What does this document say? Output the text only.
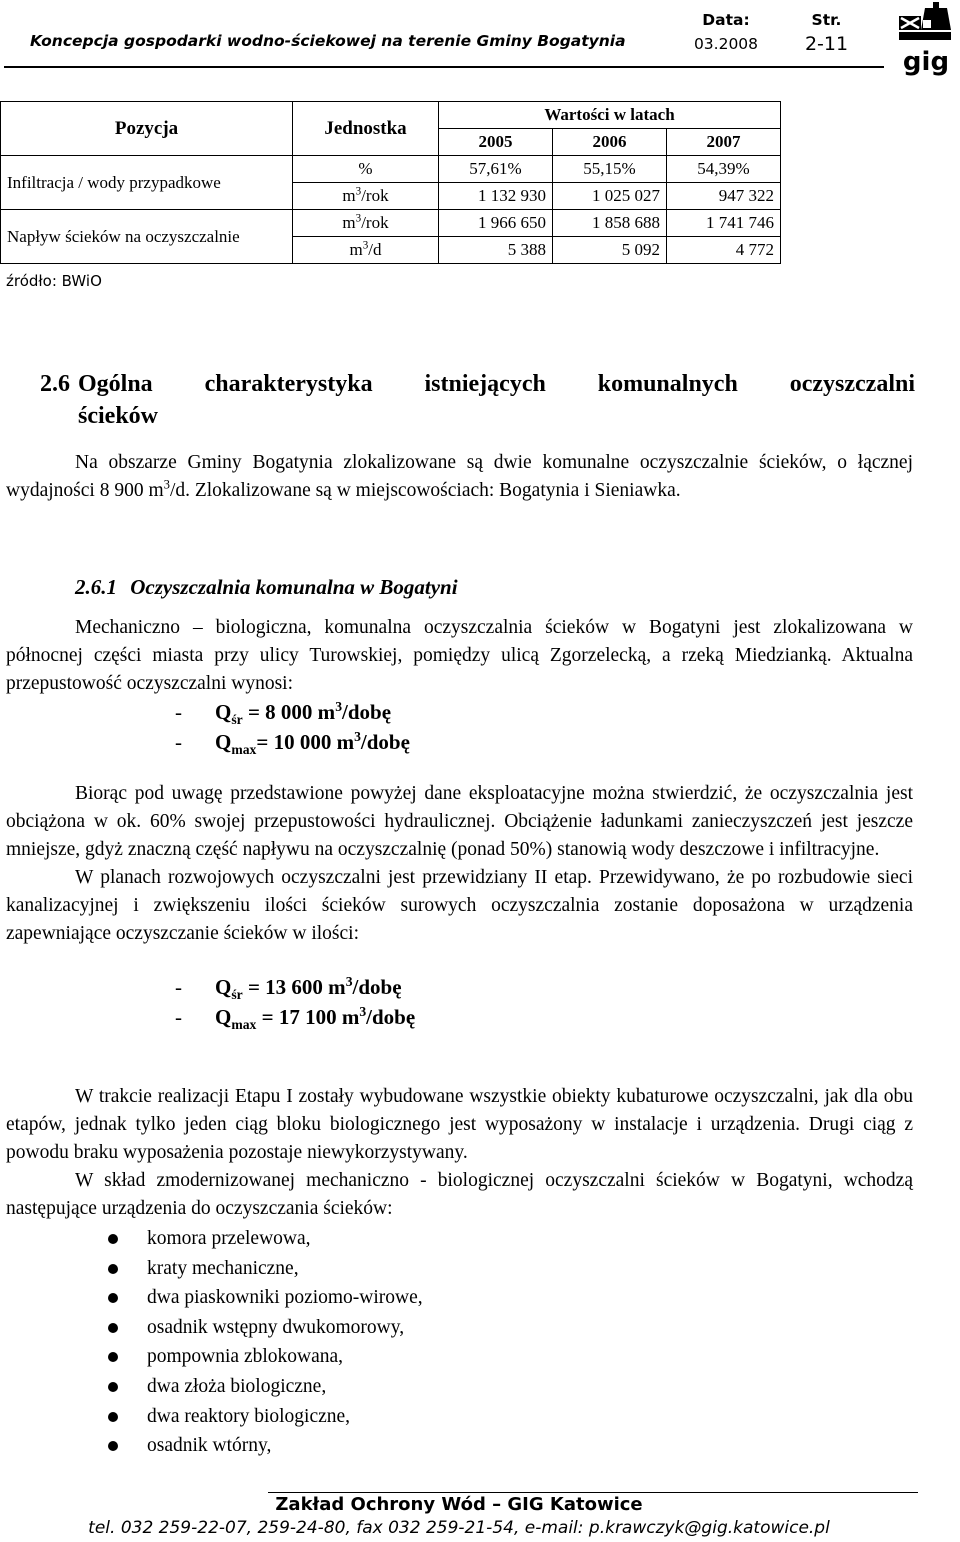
Koncepcja gospodarki wodno-ściekowej na terenie Gminy Bogatynia
Data:
03.2008
Str.
2-11
gig
Pozycja	Jednostka	Wartości w latach		
		2005	2006	2007
Infiltracja / wody przypadkowe	%	57,61%	55,15%	54,39%
	$m^3$/rok	1 132 930	1 025 027	947 322
Napływ ścieków na oczyszczalnie	$m^3$/rok	1 966 650	1 858 688	1 741 746
	$m^3/d$	5 388	5 092	4 772
źródło: BWiO
2.6 Ogólna charakterystyka istniejących komunalnych oczyszczalni
ścieków

Na obszarze Gminy Bogatynia zlokalizowane są dwie komunalne oczyszczalnie ścieków, o łącznej wydajności 8 900 $m^3/d$. Zlokalizowane są w miejscowościach: Bogatynia i Sieniawka.

2.6.1 Oczyszczalnia komunalna w Bogatyni

Mechaniczno – biologiczna, komunalna oczyszczalnia ścieków w Bogatyni jest zlokalizowana w północnej części miasta przy ulicy Turowskiej, pomiędzy ulicą Zgorzelecką, a rzeką Miedzianką. Aktualna przepustowość oczyszczalni wynosi:

- $Q_{śr} = 8$ 000 $m^3$/dobę
- $Q_{max}= 10$ 000 $m^3$/dobę

Biorąc pod uwagę przedstawione powyżej dane eksploatacyjne można stwierdzić, że oczyszczalnia jest obciążona w ok. 60% swojej przepustowości hydraulicznej. Obciążenie ładunkami zanieczyszczeń jest jeszcze mniejsze, gdyż znaczną część napływu na oczyszczalnię (ponad 50%) stanowią wody deszczowe i infiltracyjne.

W planach rozwojowych oczyszczalni jest przewidziany II etap. Przewidywano, że po rozbudowie sieci kanalizacyjnej i zwiększeniu ilości ścieków surowych oczyszczalnia zostanie doposażona w urządzenia zapewniające oczyszczanie ścieków w ilości:

- $Q_{śr} = 13$ 600 $m^3$/dobę
- $Q_{max} = 17$ 100 $m^3$/dobę

W trakcie realizacji Etapu I zostały wybudowane wszystkie obiekty kubaturowe oczyszczalni, jak dla obu etapów, jednak tylko jeden ciąg bloku biologicznego jest wyposażony w instalacje i urządzenia. Drugi ciąg z powodu braku wyposażenia pozostaje niewykorzystywany.

W skład zmodernizowanej mechaniczno - biologicznej oczyszczalni ścieków w Bogatyni, wchodzą następujące urządzenia do oczyszczania ścieków:

komora przelewowa,
kraty mechaniczne,
dwa piaskowniki poziomo-wirowe,
osadnik wstępny dwukomorowy,
pompownia zblokowana,
dwa złoża biologiczne,
dwa reaktory biologiczne,
osadnik wtórny,
Zakład Ochrony Wód – GIG Katowice
tel. 032 259-22-07, 259-24-80, fax 032 259-21-54, e-mail: p.krawczyk@gig.katowice.pl
